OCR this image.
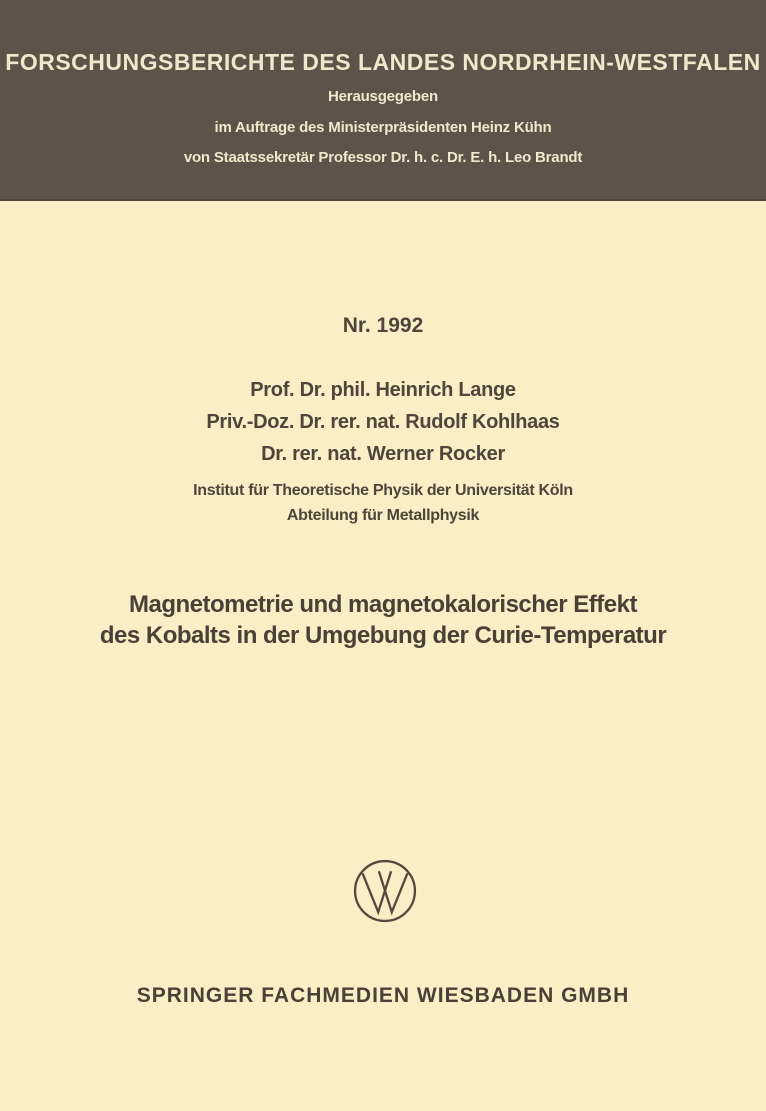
FORSCHUNGSBERICHTE DES LANDES NORDRHEIN-WESTFALEN
Herausgegeben
im Auftrage des Ministerpräsidenten Heinz Kühn
von Staatssekretär Professor Dr. h. c. Dr. E. h. Leo Brandt
Nr. 1992
Prof. Dr. phil. Heinrich Lange
Priv.-Doz. Dr. rer. nat. Rudolf Kohlhaas
Dr. rer. nat. Werner Rocker
Institut für Theoretische Physik der Universität Köln
Abteilung für Metallphysik
Magnetometrie und magnetokalorischer Effekt
des Kobalts in der Umgebung der Curie-Temperatur
SPRINGER FACHMEDIEN WIESBADEN GMBH
